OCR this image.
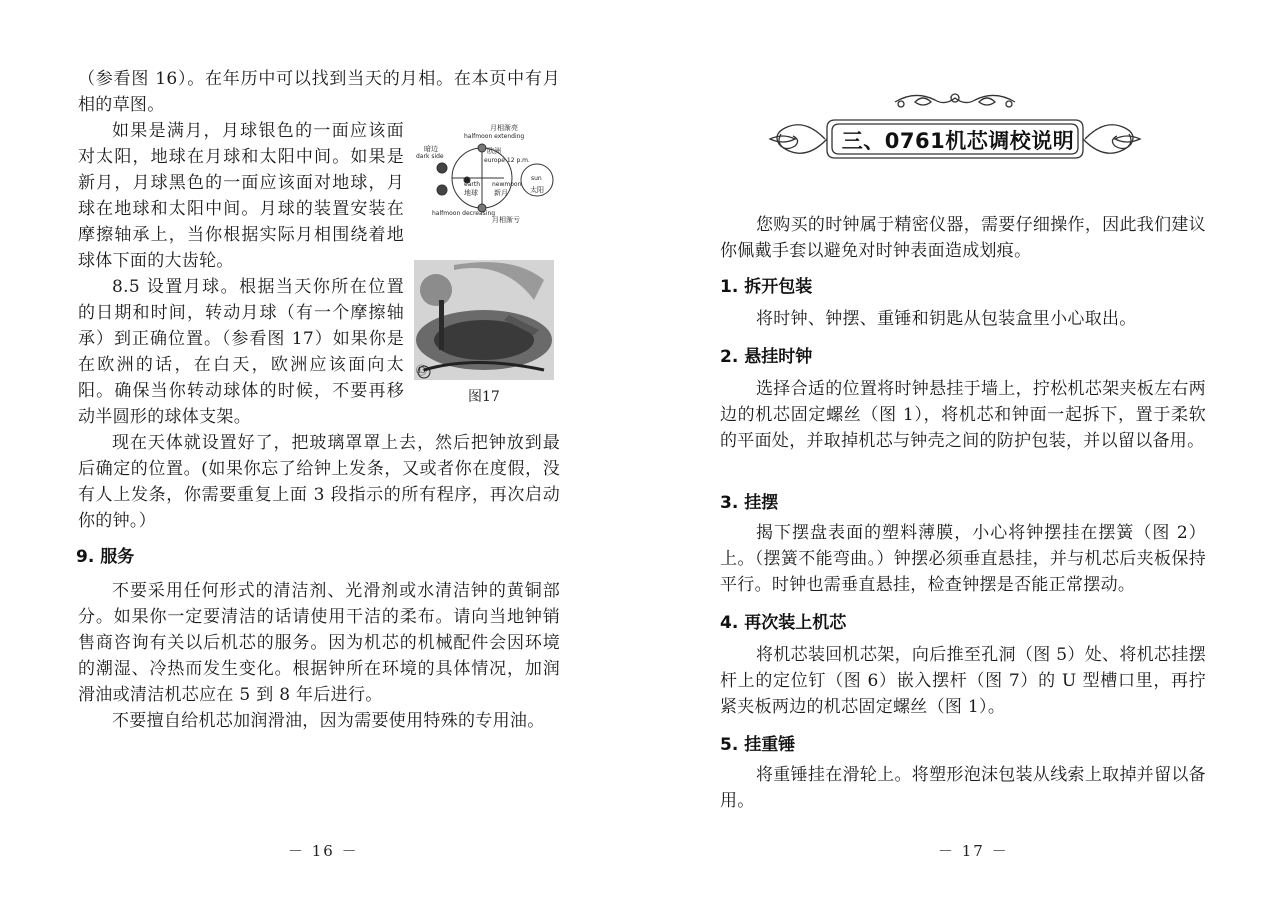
（参看图 16）。在年历中可以找到当天的月相。在本页中有月相的草图。

如果是满月，月球银色的一面应该面对太阳，地球在月球和太阳中间。如果是新月，月球黑色的一面应该面对地球，月球在地球和太阳中间。月球的装置安装在摩擦轴承上，当你根据实际月相围绕着地球体下面的大齿轮。

月相渐亮
halfmoon extending
暗边
dark side
欧洲
europe 12 p.m.
earth newmoon
地球 新月
sun
太阳
halfmoon decreasing
月相渐亏

8.5 设置月球。根据当天你所在位置的日期和时间，转动月球（有一个摩擦轴承）到正确位置。（参看图 17）如果你是在欧洲的话，在白天，欧洲应该面向太阳。确保当你转动球体的时候，不要再移动半圆形的球体支架。

⑬
图17

现在天体就设置好了，把玻璃罩罩上去，然后把钟放到最后确定的位置。(如果你忘了给钟上发条，又或者你在度假，没有人上发条，你需要重复上面 3 段指示的所有程序，再次启动你的钟。）

9. 服务

不要采用任何形式的清洁剂、光滑剂或水清洁钟的黄铜部分。如果你一定要清洁的话请使用干洁的柔布。请向当地钟销售商咨询有关以后机芯的服务。因为机芯的机械配件会因环境的潮湿、冷热而发生变化。根据钟所在环境的具体情况，加润滑油或清洁机芯应在 5 到 8 年后进行。

不要擅自给机芯加润滑油，因为需要使用特殊的专用油。

－ 16 －
三、0761机芯调校说明

您购买的时钟属于精密仪器，需要仔细操作，因此我们建议你佩戴手套以避免对时钟表面造成划痕。

1. 拆开包装

将时钟、钟摆、重锤和钥匙从包装盒里小心取出。

2. 悬挂时钟

选择合适的位置将时钟悬挂于墙上，拧松机芯架夹板左右两边的机芯固定螺丝（图 1），将机芯和钟面一起拆下，置于柔软的平面处，并取掉机芯与钟壳之间的防护包装，并以留以备用。

3. 挂摆

揭下摆盘表面的塑料薄膜，小心将钟摆挂在摆簧（图 2）上。（摆簧不能弯曲。）钟摆必须垂直悬挂，并与机芯后夹板保持平行。时钟也需垂直悬挂，检查钟摆是否能正常摆动。

4. 再次装上机芯

将机芯装回机芯架，向后推至孔洞（图 5）处、将机芯挂摆杆上的定位钉（图 6）嵌入摆杆（图 7）的 U 型槽口里，再拧紧夹板两边的机芯固定螺丝（图 1）。

5. 挂重锤

将重锤挂在滑轮上。将塑形泡沫包装从线索上取掉并留以备用。

－ 17 －
